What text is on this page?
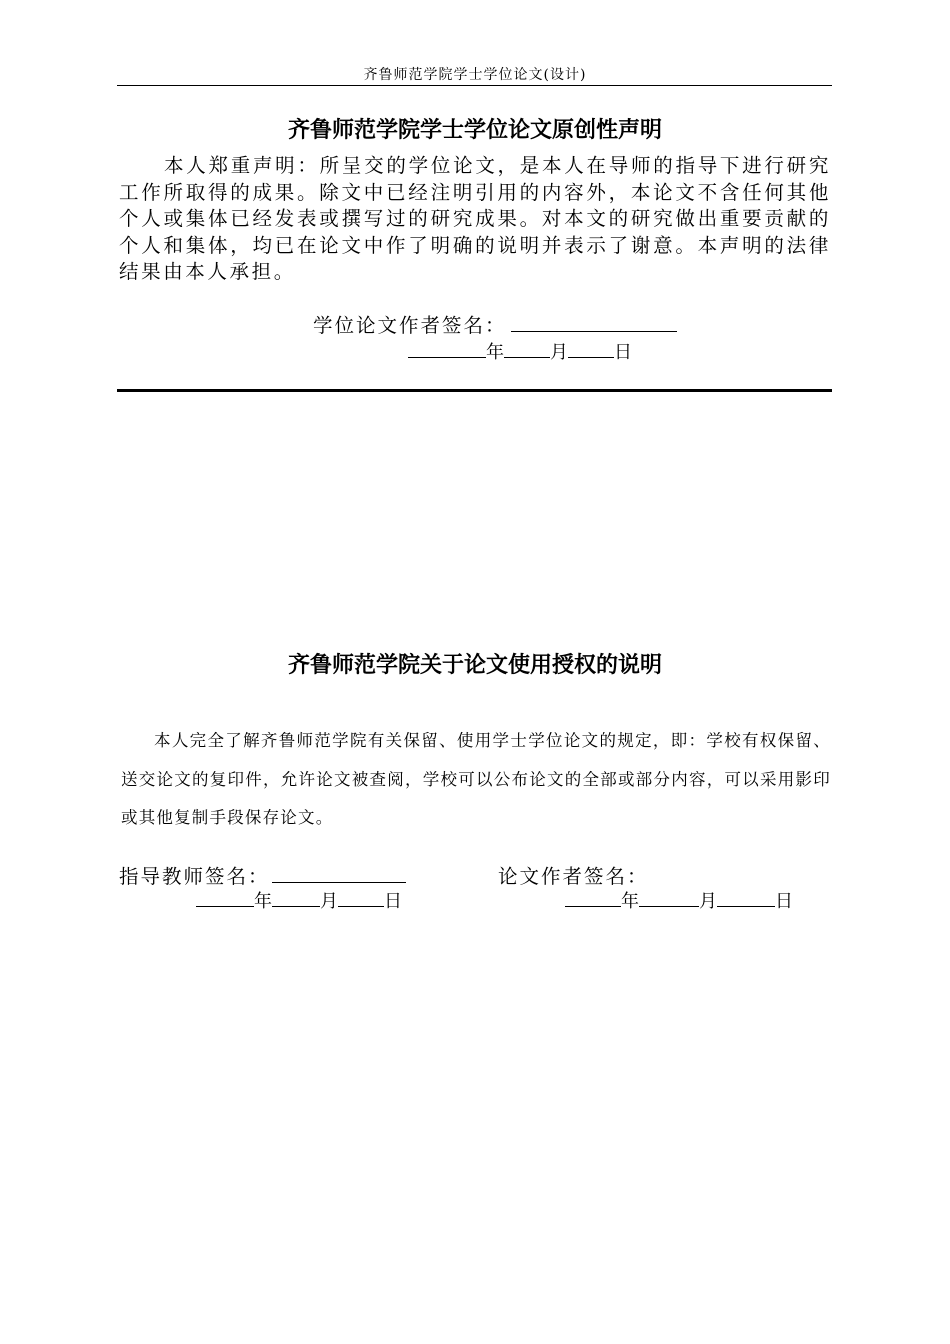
齐鲁师范学院学士学位论文(设计)
齐鲁师范学院学士学位论文原创性声明
本人郑重声明：所呈交的学位论文，是本人在导师的指导下进行研究工作所取得的成果。除文中已经注明引用的内容外，本论文不含任何其他个人或集体已经发表或撰写过的研究成果。对本文的研究做出重要贡献的个人和集体，均已在论文中作了明确的说明并表示了谢意。本声明的法律结果由本人承担。
学位论文作者签名：
年	月	日
齐鲁师范学院关于论文使用授权的说明
本人完全了解齐鲁师范学院有关保留、使用学士学位论文的规定，即：学校有权保留、送交论文的复印件，允许论文被查阅，学校可以公布论文的全部或部分内容，可以采用影印或其他复制手段保存论文。
指导教师签名：	论文作者签名：
年	月	日	年	月	日
